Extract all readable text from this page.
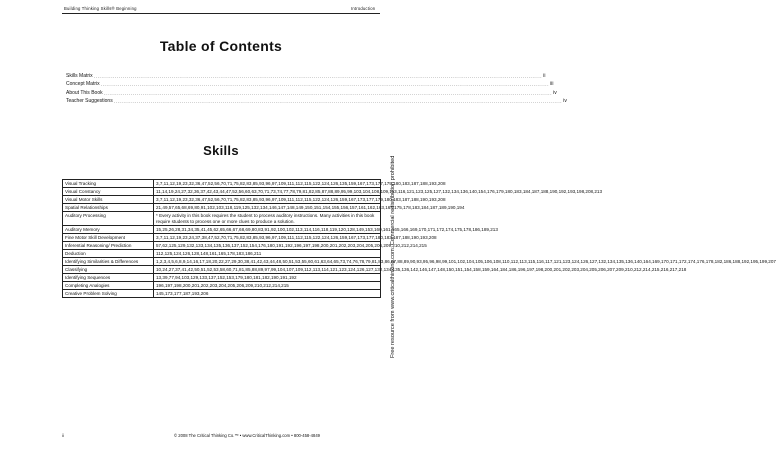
Building Thinking Skills® Beginning	Introduction
Table of Contents
Skills Matrix .....	ii
Concept Matrix .....	iii
About This Book .....	iv
Teacher Suggestions .....	iv
Skills
Visual Tracking	3,7,11,12,19,23,32,36,47,52,56,70,71,75,82,83,85,93,96,97,109,111,112,115,122,124,126,135,159,167,173,177,179,180,183,187,188,193,208
Visual Constancy	11,14,19,24,27,32,36,37,42,43,44,47,52,56,60,63,70,71,73,74,77,78,79,81,82,85,87,88,89,95,99,103,104,108,109,113,116,121,123,125,127,132,134,136,140,154,176,179,180,183,184,187,188,190,192,193,198,208,213
Visual Motor Skills	3,7,11,12,19,23,32,36,47,52,56,70,71,75,82,83,85,93,96,97,109,111,112,115,122,124,126,159,167,173,177,179,180,183,187,188,190,193,208
Spatial Relationships	21,49,57,65,68,69,80,91,102,103,118,119,125,132,134,146,147,148,149,150,151,154,155,156,157,161,162,163,164,175,178,183,184,187,189,190,194
Auditory Processing	* Every activity in this book requires the student to process auditory instructions. Many activities in this book require students to process one or more clues to produce a solution.
Auditory Memory	15,25,26,28,31,34,35,41,45,62,65,66,67,68,69,80,83,91,92,100,102,113,114,116,118,119,120,128,149,153,160,161,165,166,169,170,171,172,174,175,178,186,189,213
Fine Motor Skill Development	3,7,11,12,19,23,24,37,38,47,52,70,71,75,82,83,85,93,96,97,109,111,112,115,122,124,126,159,167,173,177,180,183,187,188,190,193,208
Inferential Reasoning/ Prediction	57,62,125,129,132,133,134,135,136,137,152,154,176,180,191,192,196,197,198,200,201,202,203,204,205,206,209,210,212,214,215
Deduction	112,125,124,126,128,148,161,165,178,183,186,211
Identifying Similarities & Differences	1,2,3,4,5,6,8,9,14,16,17,18,20,22,27,29,30,38,41,42,43,44,48,50,51,53,55,60,61,63,64,65,73,74,76,78,79,81,83,86,87,88,89,90,93,95,96,98,99,101,102,104,105,106,108,110,112,113,115,116,117,121,123,124,126,127,132,134,135,136,140,164,169,170,171,172,174,176,178,182,186,188,192,195,199,207
Classifying	10,24,27,37,41,42,50,51,52,53,58,60,71,81,85,88,89,97,99,104,107,109,112,113,114,121,123,124,126,127,132,134,135,136,142,146,147,148,150,151,154,158,159,164,184,186,196,197,198,200,201,202,203,204,205,206,207,209,210,212,214,215,216,217,218
Identifying Sequences	13,39,77,94,103,129,133,137,152,153,179,180,181,182,190,191,192
Completing Analogies	196,197,198,200,201,202,203,204,205,206,209,210,212,214,215
Creative Problem Solving	145,173,177,187,193,206	Free resource from www.criticalthinking.com. Commercial redistribution prohibited
ii	© 2008 The Critical Thinking Co.™ • www.CriticalThinking.com • 800-458-4849
